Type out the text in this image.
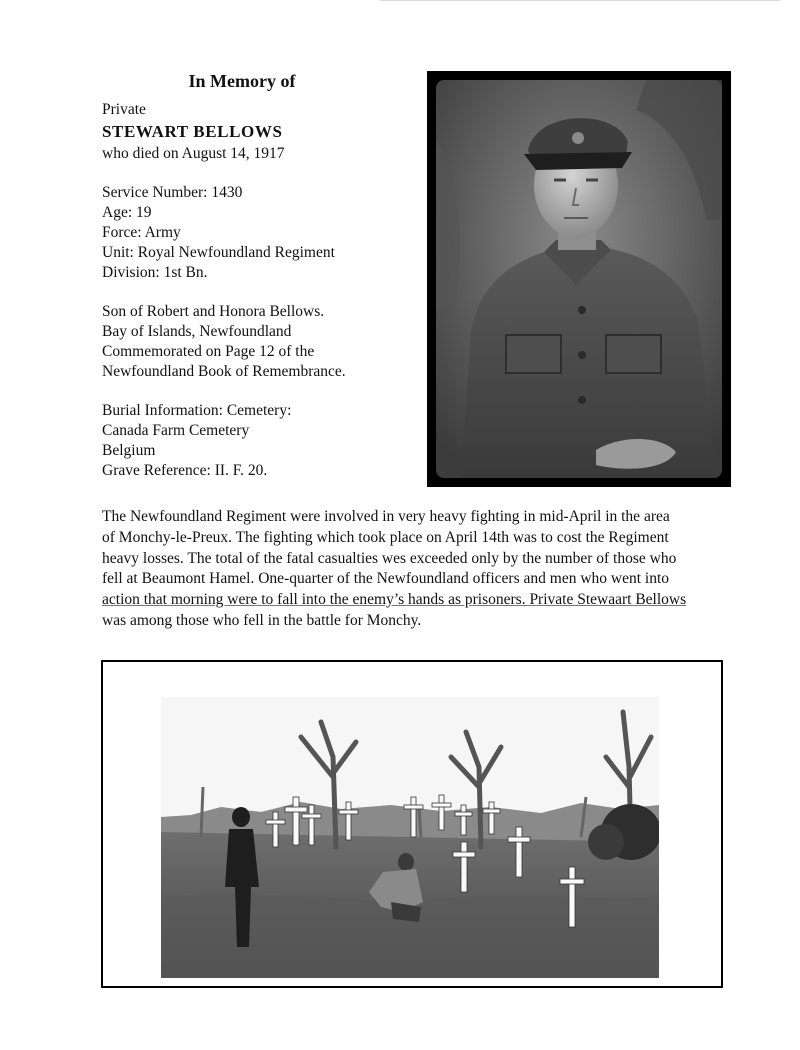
In Memory of
Private
STEWART BELLOWS
who died on August 14, 1917
Service Number: 1430
Age: 19
Force: Army
Unit: Royal Newfoundland Regiment
Division: 1st Bn.
Son of Robert and Honora Bellows.
Bay of Islands, Newfoundland
Commemorated on Page 12 of the
Newfoundland Book of Remembrance.
Burial Information: Cemetery:
Canada Farm Cemetery
Belgium
Grave Reference: II. F. 20.
The Newfoundland Regiment were involved in very heavy fighting in mid-April in the area
of Monchy-le-Preux. The fighting which took place on April 14th was to cost the Regiment
heavy losses. The total of the fatal casualties wes exceeded only by the number of those who
fell at Beaumont Hamel. One-quarter of the Newfoundland officers and men who went into
action that morning were to fall into the enemy’s hands as prisoners. Private Stewaart Bellows
was among those who fell in the battle for Monchy.
